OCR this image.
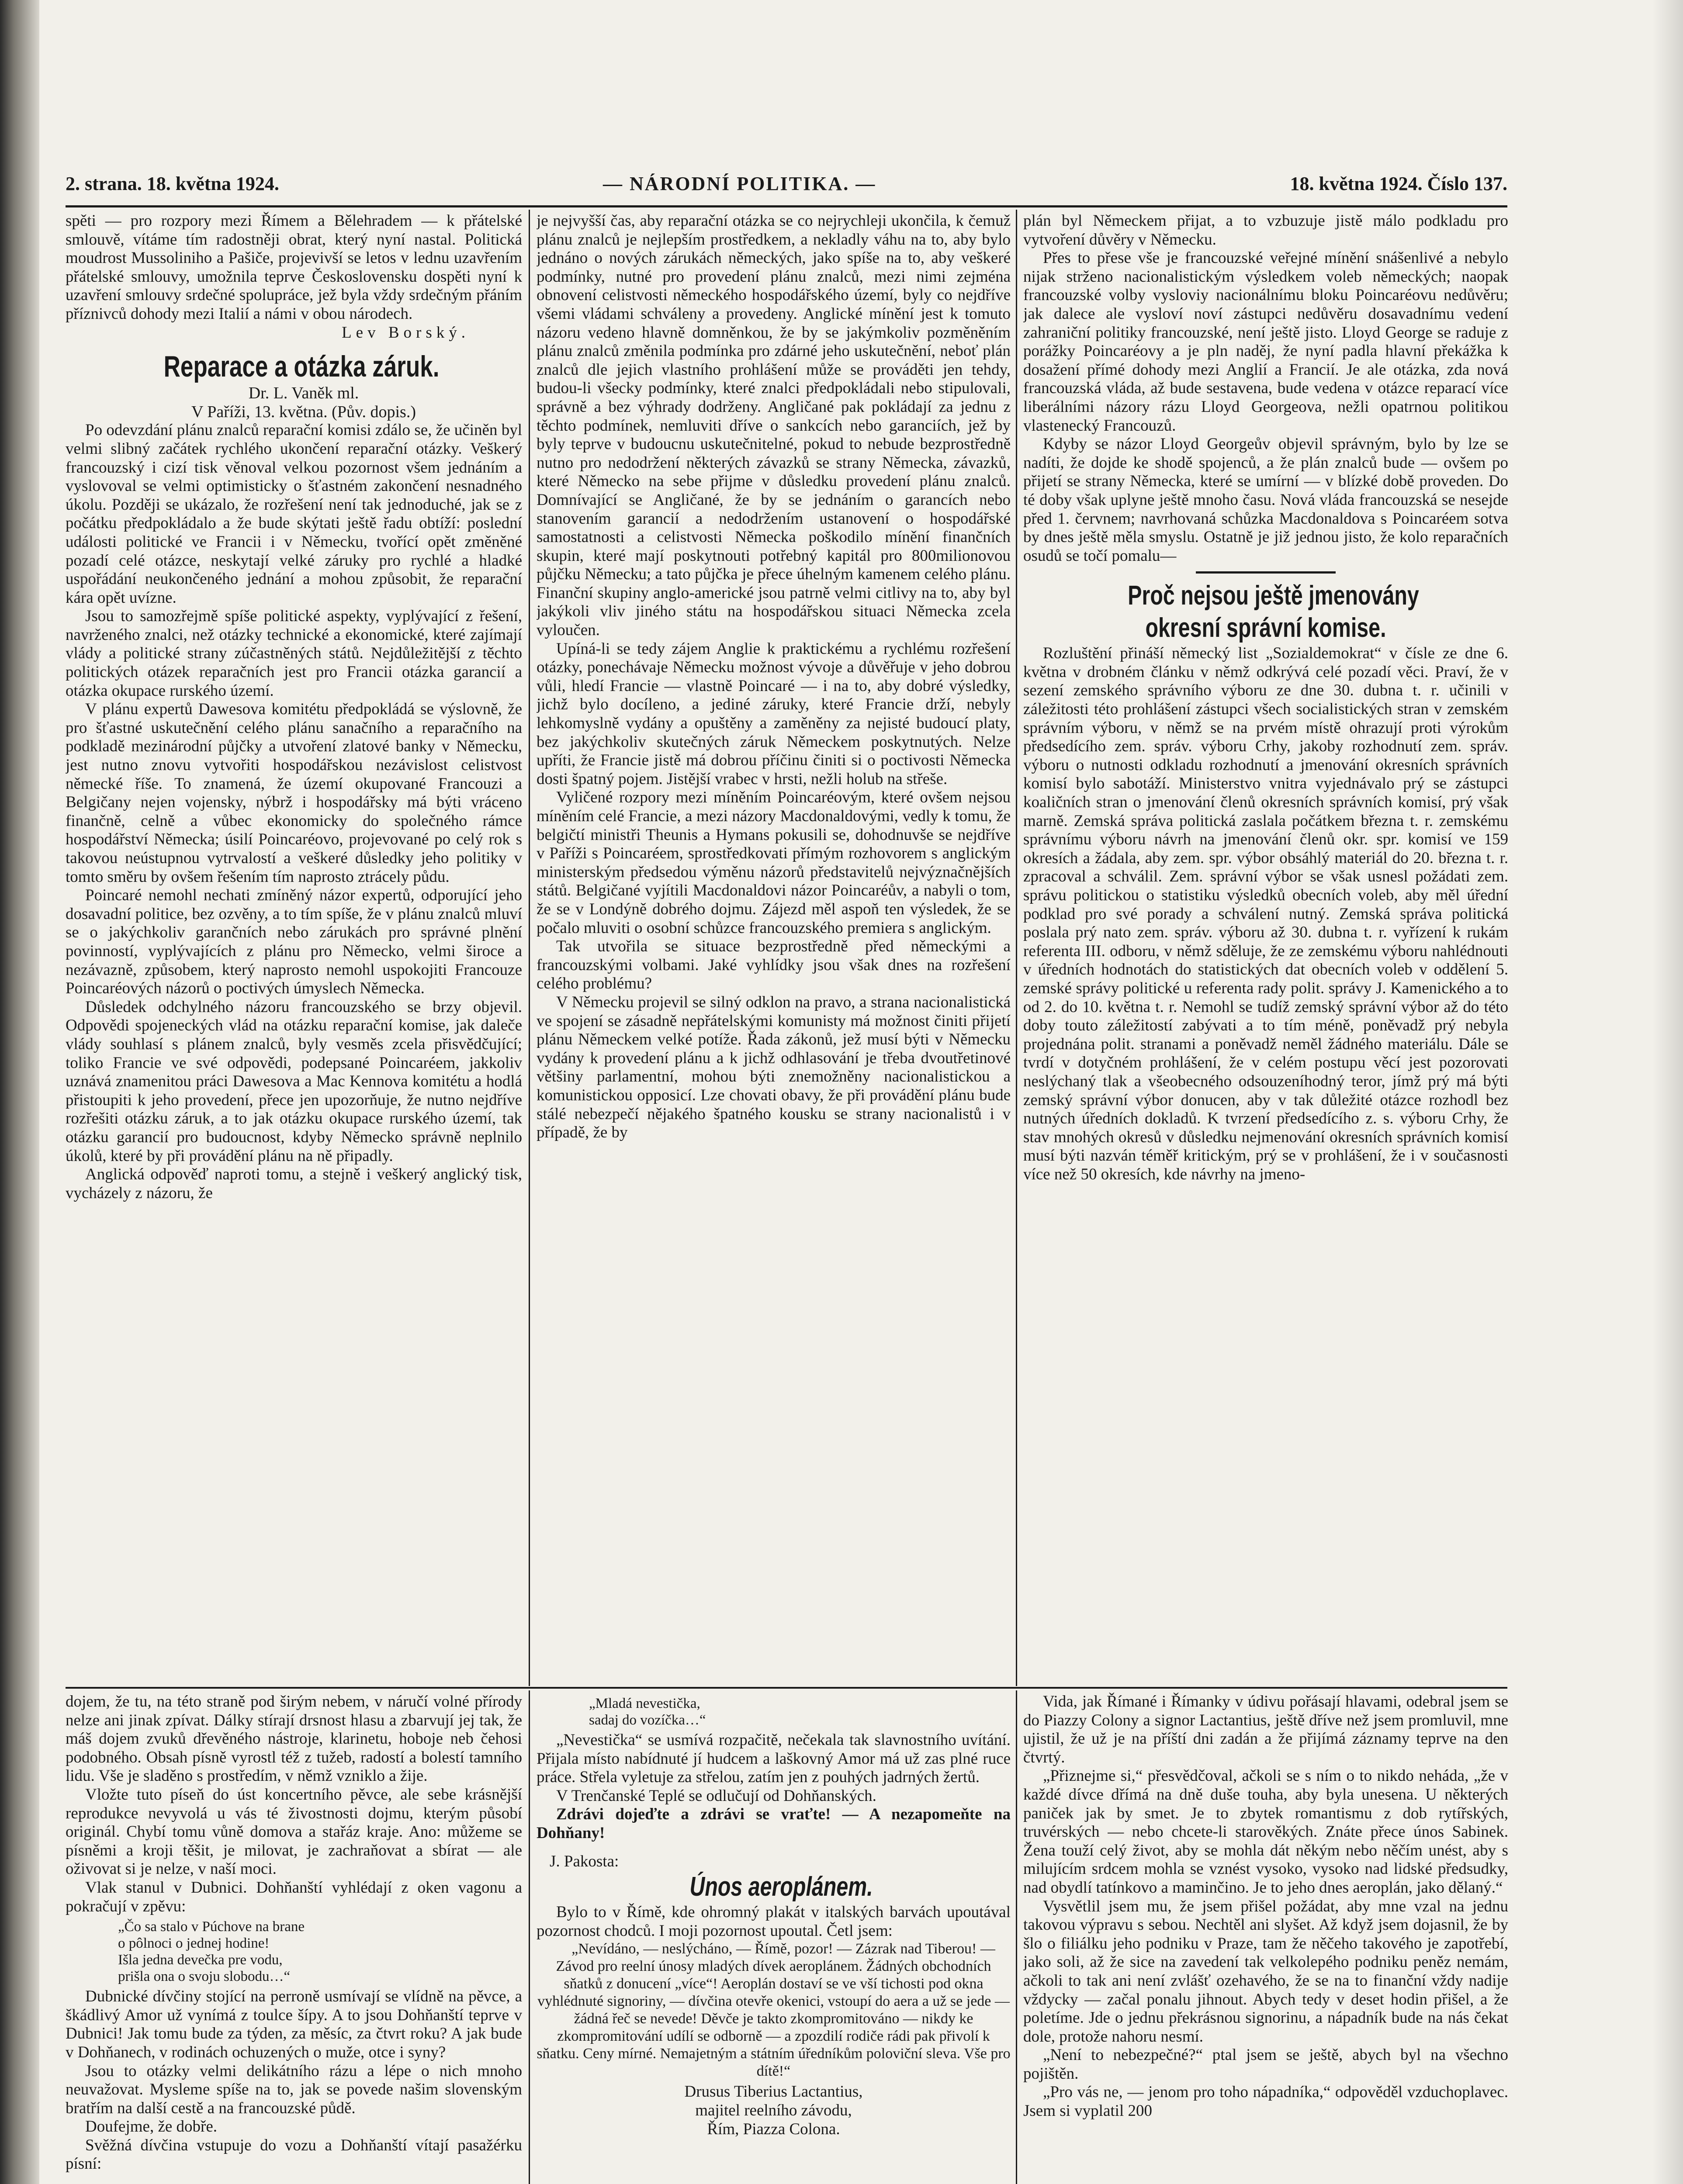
2. strana. 18. května 1924.	— NÁRODNÍ POLITIKA. —	18. května 1924. Číslo 137.

spěti — pro rozpory mezi Římem a Bělehradem — k přátelské smlouvě, vítáme tím radostněji obrat, který nyní nastal. Politická moudrost Mussoliniho a Pašiče, projevivší se letos v lednu uzavřením přátelské smlouvy, umožnila teprve Československu dospěti nyní k uzavření smlouvy srdečné spolupráce, jež byla vždy srdečným přáním příznivců dohody mezi Italií a námi v obou národech.

Lev Borský.

Reparace a otázka záruk.

Dr. L. Vaněk ml.

V Paříži, 13. května. (Pův. dopis.)

Po odevzdání plánu znalců reparační komisi zdálo se, že učiněn byl velmi slibný začátek rychlého ukončení reparační otázky. Veškerý francouzský i cizí tisk věnoval velkou pozornost všem jednáním a vyslovoval se velmi optimisticky o šťastném zakončení nesnadného úkolu. Později se ukázalo, že rozřešení není tak jednoduché, jak se z počátku předpokládalo a že bude skýtati ještě řadu obtíží: poslední události politické ve Francii i v Německu, tvořící opět změněné pozadí celé otázce, neskytají velké záruky pro rychlé a hladké uspořádání neukončeného jednání a mohou způsobit, že reparační kára opět uvízne.

Jsou to samozřejmě spíše politické aspekty, vyplývající z řešení, navrženého znalci, než otázky technické a ekonomické, které zajímají vlády a politické strany zúčastněných států. Nejdůležitější z těchto politických otázek reparačních jest pro Francii otázka garancií a otázka okupace rurského území.

V plánu expertů Dawesova komitétu předpokládá se výslovně, že pro šťastné uskutečnění celého plánu sanačního a reparačního na podkladě mezinárodní půjčky a utvoření zlatové banky v Německu, jest nutno znovu vytvořiti hospodářskou nezávislost celistvost německé říše. To znamená, že území okupované Francouzi a Belgičany nejen vojensky, nýbrž i hospodářsky má býti vráceno finančně, celně a vůbec ekonomicky do společného rámce hospodářství Německa; úsilí Poincaréovo, projevované po celý rok s takovou neústupnou vytrvalostí a veškeré důsledky jeho politiky v tomto směru by ovšem řešením tím naprosto ztrácely půdu.

Poincaré nemohl nechati zmíněný názor expertů, odporující jeho dosavadní politice, bez ozvěny, a to tím spíše, že v plánu znalců mluví se o jakýchkoliv garančních nebo zárukách pro správné plnění povinností, vyplývajících z plánu pro Německo, velmi široce a nezávazně, způsobem, který naprosto nemohl uspokojiti Francouze Poincaréových názorů o poctivých úmyslech Německa.

Důsledek odchylného názoru francouzského se brzy objevil. Odpovědi spojeneckých vlád na otázku reparační komise, jak daleče vlády souhlasí s plánem znalců, byly vesměs zcela přisvědčující; toliko Francie ve své odpovědi, podepsané Poincaréem, jakkoliv uznává znamenitou práci Dawesova a Mac Kennova komitétu a hodlá přistoupiti k jeho provedení, přece jen upozorňuje, že nutno nejdříve rozřešiti otázku záruk, a to jak otázku okupace rurského území, tak otázku garancií pro budoucnost, kdyby Německo správně neplnilo úkolů, které by při provádění plánu na ně připadly.

Anglická odpověď naproti tomu, a stejně i veškerý anglický tisk, vycházely z názoru, že

je nejvyšší čas, aby reparační otázka se co nejrychleji ukončila, k čemuž plánu znalců je nejlepším prostředkem, a nekladly váhu na to, aby bylo jednáno o nových zárukách německých, jako spíše na to, aby veškeré podmínky, nutné pro provedení plánu znalců, mezi nimi zejména obnovení celistvosti německého hospodářského území, byly co nejdříve všemi vládami schváleny a provedeny. Anglické mínění jest k tomuto názoru vedeno hlavně domněnkou, že by se jakýmkoliv pozměněním plánu znalců změnila podmínka pro zdárné jeho uskutečnění, neboť plán znalců dle jejich vlastního prohlášení může se prováděti jen tehdy, budou-li všecky podmínky, které znalci předpokládali nebo stipulovali, správně a bez výhrady dodrženy. Angličané pak pokládají za jednu z těchto podmínek, nemluviti dříve o sankcích nebo garanciích, jež by byly teprve v budoucnu uskutečnitelné, pokud to nebude bezprostředně nutno pro nedodržení některých závazků se strany Německa, závazků, které Německo na sebe přijme v důsledku provedení plánu znalců. Domnívající se Angličané, že by se jednáním o garancích nebo stanovením garancií a nedodržením ustanovení o hospodářské samostatnosti a celistvosti Německa poškodilo mínění finančních skupin, které mají poskytnouti potřebný kapitál pro 800milionovou půjčku Německu; a tato půjčka je přece úhelným kamenem celého plánu. Finanční skupiny anglo-americké jsou patrně velmi citlivy na to, aby byl jakýkoli vliv jiného státu na hospodářskou situaci Německa zcela vyloučen.

Upíná-li se tedy zájem Anglie k praktickému a rychlému rozřešení otázky, ponechávaje Německu možnost vývoje a důvěřuje v jeho dobrou vůli, hledí Francie — vlastně Poincaré — i na to, aby dobré výsledky, jichž bylo docíleno, a jediné záruky, které Francie drží, nebyly lehkomyslně vydány a opuštěny a zaměněny za nejisté budoucí platy, bez jakýchkoliv skutečných záruk Německem poskytnutých. Nelze upříti, že Francie jistě má dobrou příčinu činiti si o poctivosti Německa dosti špatný pojem. Jistější vrabec v hrsti, nežli holub na střeše.

Vyličené rozpory mezi míněním Poincaréovým, které ovšem nejsou míněním celé Francie, a mezi názory Macdonaldovými, vedly k tomu, že belgičtí ministři Theunis a Hymans pokusili se, dohodnuvše se nejdříve v Paříži s Poincaréem, sprostředkovati přímým rozhovorem s anglickým ministerským předsedou výměnu názorů představitelů nejvýznačnějších států. Belgičané vyjítili Macdonaldovi názor Poincaréův, a nabyli o tom, že se v Londýně dobrého dojmu. Zájezd měl aspoň ten výsledek, že se počalo mluviti o osobní schůzce francouzského premiera s anglickým.

Tak utvořila se situace bezprostředně před německými a francouzskými volbami. Jaké vyhlídky jsou však dnes na rozřešení celého problému?

V Německu projevil se silný odklon na pravo, a strana nacionalistická ve spojení se zásadně nepřátelskými komunisty má možnost činiti přijetí plánu Německem velké potíže. Řada zákonů, jež musí býti v Německu vydány k provedení plánu a k jichž odhlasování je třeba dvoutřetinové většiny parlamentní, mohou býti znemožněny nacionalistickou a komunistickou opposicí. Lze chovati obavy, že při provádění plánu bude stálé nebezpečí nějakého špatného kousku se strany nacionalistů i v případě, že by

plán byl Německem přijat, a to vzbuzuje jistě málo podkladu pro vytvoření důvěry v Německu.

Přes to přese vše je francouzské veřejné mínění snášenlivé a nebylo nijak strženo nacionalistickým výsledkem voleb německých; naopak francouzské volby vysloviy nacionálnímu bloku Poincaréovu nedůvěru; jak dalece ale vysloví noví zástupci nedůvěru dosavadnímu vedení zahraniční politiky francouzské, není ještě jisto. Lloyd George se raduje z porážky Poincaréovy a je pln naděj, že nyní padla hlavní překážka k dosažení přímé dohody mezi Anglií a Francií. Je ale otázka, zda nová francouzská vláda, až bude sestavena, bude vedena v otázce reparací více liberálními názory rázu Lloyd Georgeova, nežli opatrnou politikou vlastenecký Francouzů.

Kdyby se názor Lloyd Georgeův objevil správným, bylo by lze se nadíti, že dojde ke shodě spojenců, a že plán znalců bude — ovšem po přijetí se strany Německa, které se umírní — v blízké době proveden. Do té doby však uplyne ještě mnoho času. Nová vláda francouzská se nesejde před 1. červnem; navrhovaná schůzka Macdonaldova s Poincaréem sotva by dnes ještě měla smyslu. Ostatně je již jednou jisto, že kolo reparačních osudů se točí pomalu—

Proč nejsou ještě jmenovány okresní správní komise.

Rozluštění přináší německý list „Sozialdemokrat“ v čísle ze dne 6. května v drobném článku v němž odkrývá celé pozadí věci. Praví, že v sezení zemského správního výboru ze dne 30. dubna t. r. učinili v záležitosti této prohlášení zástupci všech socialistických stran v zemském správním výboru, v němž se na prvém místě ohrazují proti výrokům předsedícího zem. správ. výboru Crhy, jakoby rozhodnutí zem. správ. výboru o nutnosti odkladu rozhodnutí a jmenování okresních správních komisí bylo sabotáží. Ministerstvo vnitra vyjednávalo prý se zástupci koaličních stran o jmenování členů okresních správních komisí, prý však marně. Zemská správa politická zaslala počátkem března t. r. zemskému správnímu výboru návrh na jmenování členů okr. spr. komisí ve 159 okresích a žádala, aby zem. spr. výbor obsáhlý materiál do 20. března t. r. zpracoval a schválil. Zem. správní výbor se však usnesl požádati zem. správu politickou o statistiku výsledků obecních voleb, aby měl úřední podklad pro své porady a schválení nutný. Zemská správa politická poslala prý nato zem. správ. výboru až 30. dubna t. r. vyřízení k rukám referenta III. odboru, v němž sděluje, že ze zemskému výboru nahlédnouti v úředních hodnotách do statistických dat obecních voleb v oddělení 5. zemské správy politické u referenta rady polit. správy J. Kamenického a to od 2. do 10. května t. r. Nemohl se tudíž zemský správní výbor až do této doby touto záležitostí zabývati a to tím méně, poněvadž prý nebyla projednána polit. stranami a poněvadž neměl žádného materiálu. Dále se tvrdí v dotyčném prohlášení, že v celém postupu věcí jest pozorovati neslýchaný tlak a všeobecného odsouzeníhodný teror, jímž prý má býti zemský správní výbor donucen, aby v tak důležité otázce rozhodl bez nutných úředních dokladů. K tvrzení předsedícího z. s. výboru Crhy, že stav mnohých okresů v důsledku nejmenování okresních správních komisí musí býti nazván téměř kritickým, prý se v prohlášení, že i v současnosti více než 50 okresích, kde návrhy na jmeno-

dojem, že tu, na této straně pod širým nebem, v náručí volné přírody nelze ani jinak zpívat. Dálky stírají drsnost hlasu a zbarvují jej tak, že máš dojem zvuků dřevěného nástroje, klarinetu, hoboje neb čehosi podobného. Obsah písně vyrostl též z tužeb, radostí a bolestí tamního lidu. Vše je sladěno s prostředím, v němž vzniklo a žije.

Vložte tuto píseň do úst koncertního pěvce, ale sebe krásnější reprodukce nevyvolá u vás té živostnosti dojmu, kterým působí originál. Chybí tomu vůně domova a stařáz kraje. Ano: můžeme se písněmi a kroji těšit, je milovat, je zachraňovat a sbírat — ale oživovat si je nelze, v naší moci.

Vlak stanul v Dubnici. Dohňanští vyhlédají z oken vagonu a pokračují v zpěvu:

„Čo sa stalo v Púchove na brane
o pôlnoci o jednej hodine!
Išla jedna devečka pre vodu,
prišla ona o svoju slobodu…“

Dubnické dívčiny stojící na perroně usmívají se vlídně na pěvce, a škádlivý Amor už vynímá z toulce šípy. A to jsou Dohňanští teprve v Dubnici! Jak tomu bude za týden, za měsíc, za čtvrt roku? A jak bude v Dohňanech, v rodinách ochuzených o muže, otce i syny?

Jsou to otázky velmi delikátního rázu a lépe o nich mnoho neuvažovat. Mysleme spíše na to, jak se povede našim slovenským bratřím na další cestě a na francouzské půdě.

Doufejme, že dobře.

Svěžná dívčina vstupuje do vozu a Dohňanští vítají pasažérku písní:

„Mladá nevestička,
sadaj do vozíčka…“

„Nevestička“ se usmívá rozpačitě, nečekala tak slavnostního uvítání. Přijala místo nabídnuté jí hudcem a laškovný Amor má už zas plné ruce práce. Střela vyletuje za střelou, zatím jen z pouhých jadrných žertů.

V Trenčanské Teplé se odlučují od Dohňanských.

Zdrávi dojeďte a zdrávi se vraťte! — A nezapomeňte na Dohňany!

J. Pakosta:

Únos aeroplánem.

Bylo to v Římě, kde ohromný plakát v italských barvách upoutával pozornost chodců. I moji pozornost upoutal. Četl jsem:

„Nevídáno, — neslýcháno, — Římě, pozor! — Zázrak nad Tiberou! — Závod pro reelní únosy mladých dívek aeroplánem. Žádných obchodních sňatků z donucení „více“! Aeroplán dostaví se ve vší tichosti pod okna vyhlédnuté signoriny, — dívčina otevře okenici, vstoupí do aera a už se jede — žádná řeč se nevede! Děvče je takto zkompromitováno — nikdy ke zkompromitování udílí se odborně — a zpozdilí rodiče rádi pak přivolí k sňatku. Ceny mírné. Nemajetným a státním úředníkům poloviční sleva. Vše pro dítě!“

Drusus Tiberius Lactantius,
majitel reelního závodu,
Řím, Piazza Colona.

Vida, jak Římané i Římanky v údivu pořásají hlavami, odebral jsem se do Piazzy Colony a signor Lactantius, ještě dříve než jsem promluvil, mne ujistil, že už je na příští dni zadán a že přijímá záznamy teprve na den čtvrtý.

„Přiznejme si,“ přesvědčoval, ačkoli se s ním o to nikdo neháda, „že v každé dívce dřímá na dně duše touha, aby byla unesena. U některých paniček jak by smet. Je to zbytek romantismu z dob rytířských, truvérských — nebo chcete-li starověkých. Znáte přece únos Sabinek. Žena touží celý život, aby se mohla dát někým nebo něčím unést, aby s milujícím srdcem mohla se vznést vysoko, vysoko nad lidské předsudky, nad obydlí tatínkovo a maminčino. Je to jeho dnes aeroplán, jako dělaný.“

Vysvětlil jsem mu, že jsem přišel požádat, aby mne vzal na jednu takovou výpravu s sebou. Nechtěl ani slyšet. Až když jsem dojasnil, že by šlo o filiálku jeho podniku v Praze, tam že něčeho takového je zapotřebí, jako soli, až že sice na zavedení tak velkolepého podniku peněz nemám, ačkoli to tak ani není zvlášť ozehavého, že se na to finanční vždy nadije vždycky — začal ponalu jihnout. Abych tedy v deset hodin přišel, a že poletíme. Jde o jednu překrásnou signorinu, a nápadník bude na nás čekat dole, protože nahoru nesmí.

„Není to nebezpečné?“ ptal jsem se ještě, abych byl na všechno pojištěn.

„Pro vás ne, — jenom pro toho nápadníka,“ odpověděl vzduchoplavec. Jsem si vyplatil 200
